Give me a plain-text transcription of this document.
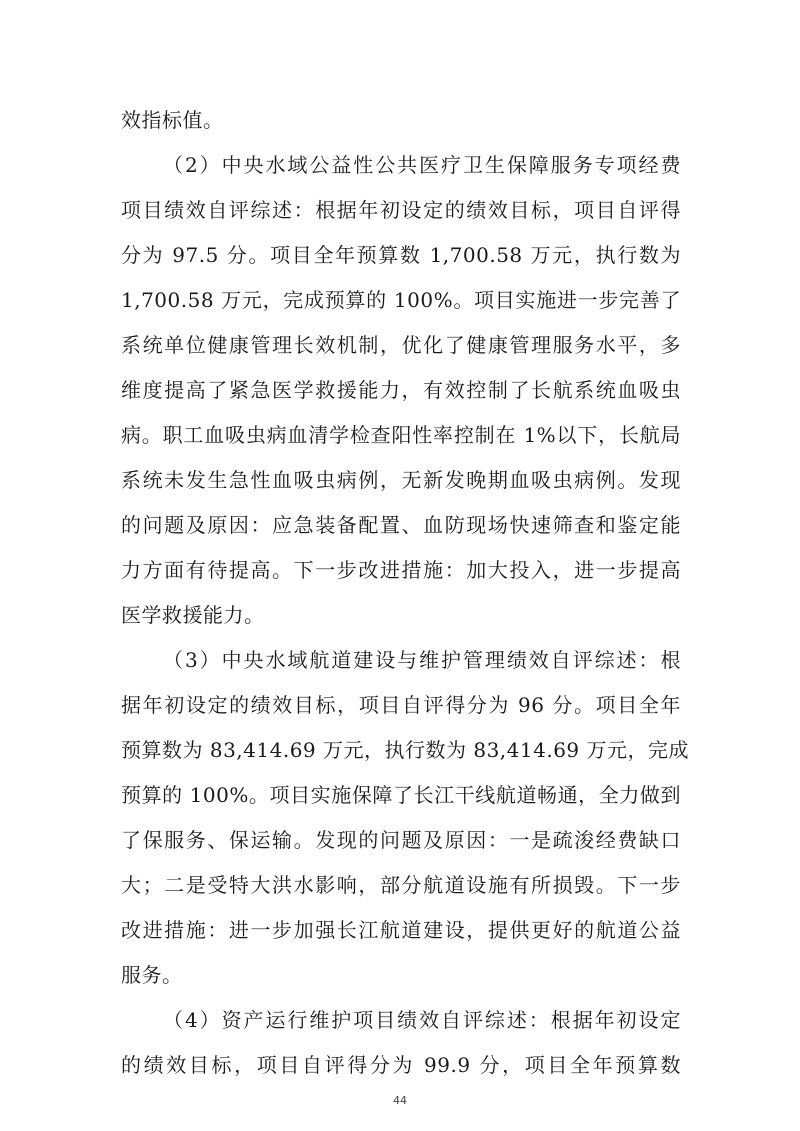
效指标值。
（2）中央水域公益性公共医疗卫生保障服务专项经费
项目绩效自评综述：根据年初设定的绩效目标，项目自评得
分为 97.5 分。项目全年预算数 1,700.58 万元，执行数为
1,700.58 万元，完成预算的 100%。项目实施进一步完善了
系统单位健康管理长效机制，优化了健康管理服务水平，多
维度提高了紧急医学救援能力，有效控制了长航系统血吸虫
病。职工血吸虫病血清学检查阳性率控制在 1%以下，长航局
系统未发生急性血吸虫病例，无新发晚期血吸虫病例。发现
的问题及原因：应急装备配置、血防现场快速筛查和鉴定能
力方面有待提高。下一步改进措施：加大投入，进一步提高
医学救援能力。
（3）中央水域航道建设与维护管理绩效自评综述：根
据年初设定的绩效目标，项目自评得分为 96 分。项目全年
预算数为 83,414.69 万元，执行数为 83,414.69 万元，完成
预算的 100%。项目实施保障了长江干线航道畅通，全力做到
了保服务、保运输。发现的问题及原因：一是疏浚经费缺口
大；二是受特大洪水影响，部分航道设施有所损毁。下一步
改进措施：进一步加强长江航道建设，提供更好的航道公益
服务。
（4）资产运行维护项目绩效自评综述：根据年初设定
的绩效目标，项目自评得分为 99.9 分，项目全年预算数
44
